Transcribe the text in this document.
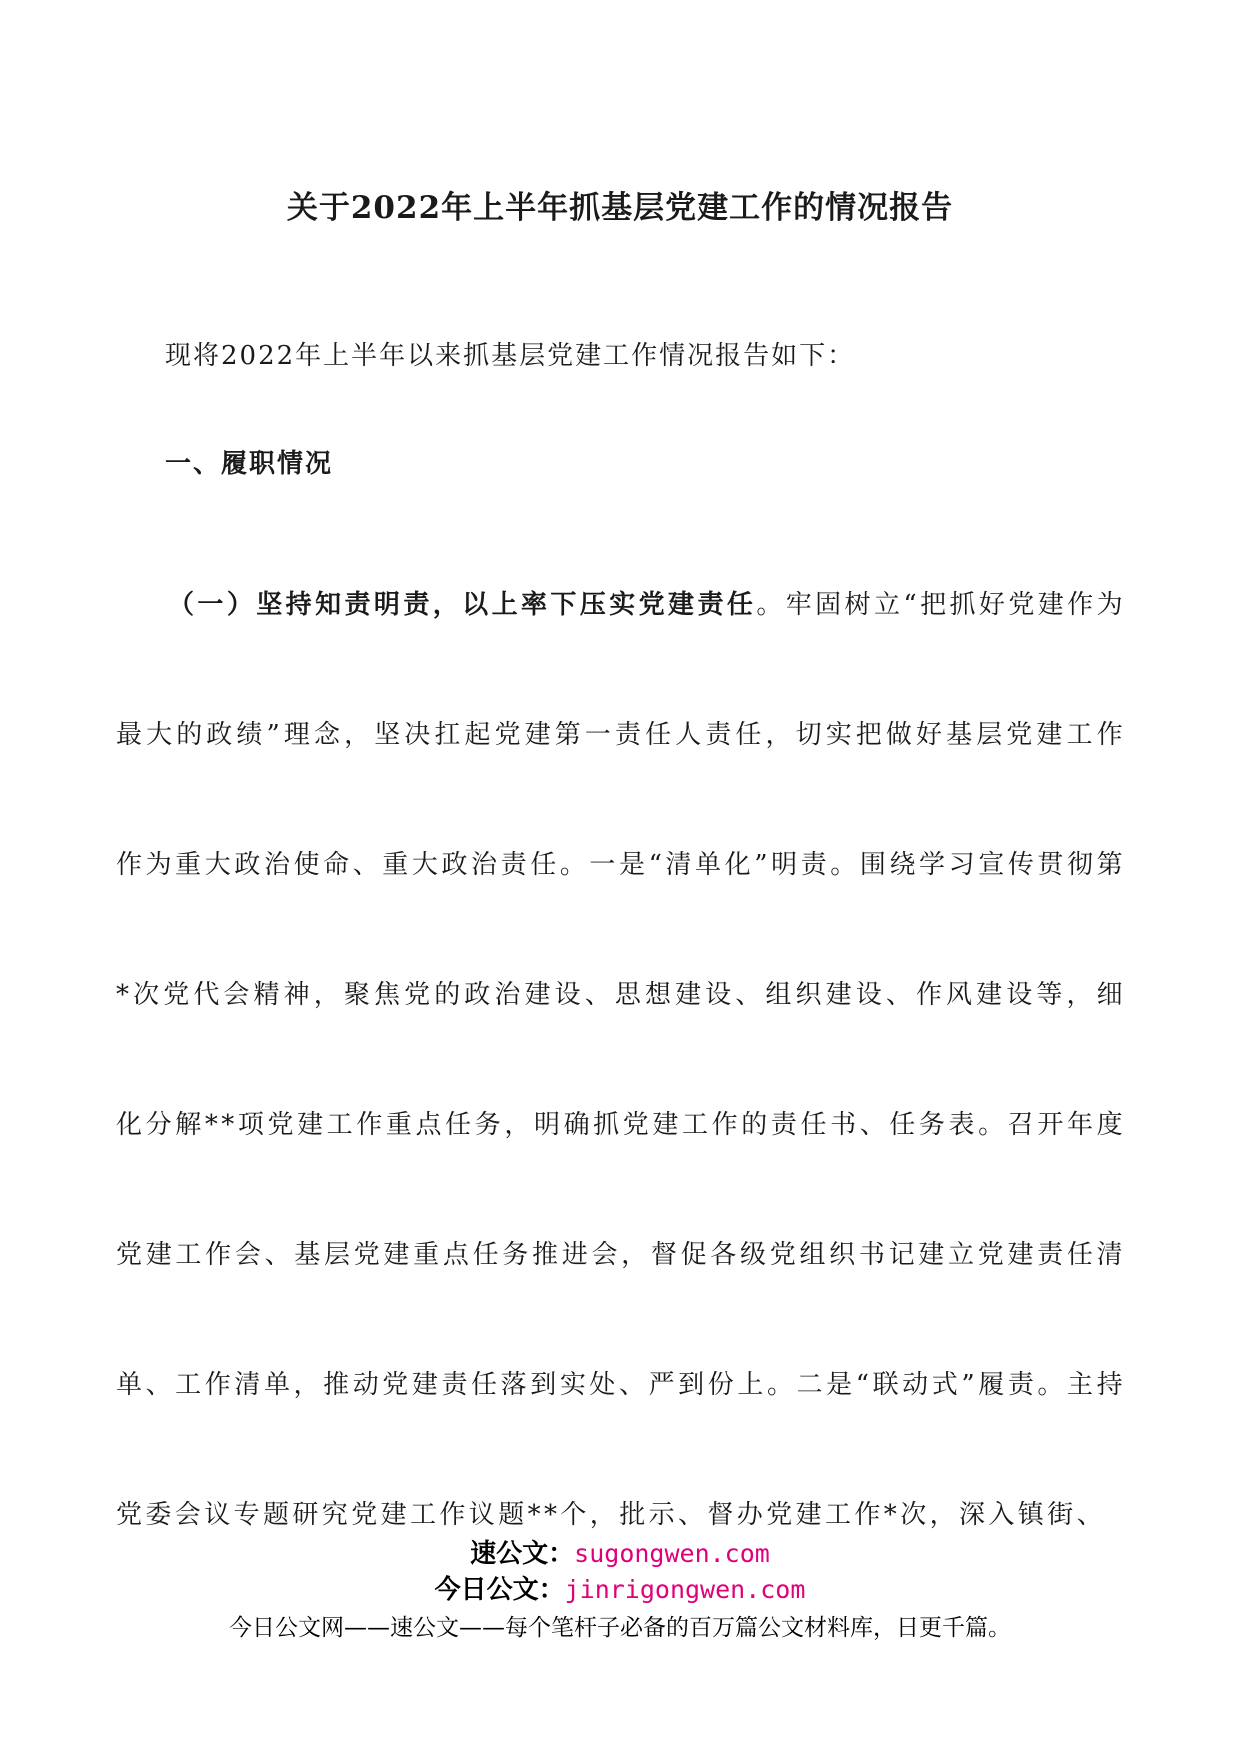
关于2022年上半年抓基层党建工作的情况报告
现将2022年上半年以来抓基层党建工作情况报告如下：
一、履职情况

（一）坚持知责明责，以上率下压实党建责任。牢固树立“把抓好党建作为最大的政绩”理念，坚决扛起党建第一责任人责任，切实把做好基层党建工作作为重大政治使命、重大政治责任。一是“清单化”明责。围绕学习宣传贯彻第*次党代会精神，聚焦党的政治建设、思想建设、组织建设、作风建设等，细化分解**项党建工作重点任务，明确抓党建工作的责任书、任务表。召开年度党建工作会、基层党建重点任务推进会，督促各级党组织书记建立党建责任清单、工作清单，推动党建责任落到实处、严到份上。二是“联动式”履责。主持党委会议专题研究党建工作议题**个，批示、督办党建工作*次，深入镇街、

速公文：sugongwen.com
今日公文：jinrigongwen.com
今日公文网——速公文——每个笔杆子必备的百万篇公文材料库，日更千篇。
